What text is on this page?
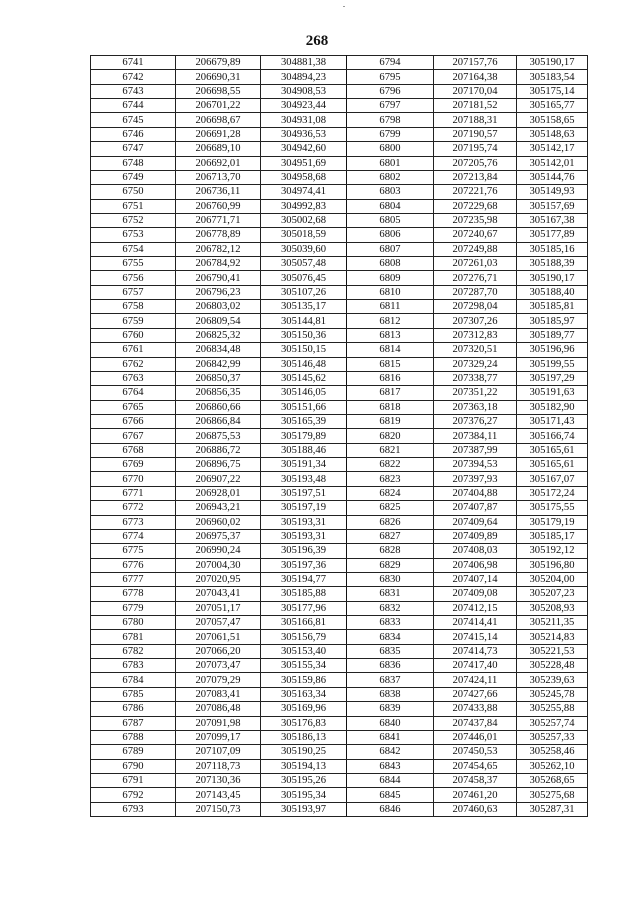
268
6741	206679,89	304881,38	6794	207157,76	305190,17
6742	206690,31	304894,23	6795	207164,38	305183,54
6743	206698,55	304908,53	6796	207170,04	305175,14
6744	206701,22	304923,44	6797	207181,52	305165,77
6745	206698,67	304931,08	6798	207188,31	305158,65
6746	206691,28	304936,53	6799	207190,57	305148,63
6747	206689,10	304942,60	6800	207195,74	305142,17
6748	206692,01	304951,69	6801	207205,76	305142,01
6749	206713,70	304958,68	6802	207213,84	305144,76
6750	206736,11	304974,41	6803	207221,76	305149,93
6751	206760,99	304992,83	6804	207229,68	305157,69
6752	206771,71	305002,68	6805	207235,98	305167,38
6753	206778,89	305018,59	6806	207240,67	305177,89
6754	206782,12	305039,60	6807	207249,88	305185,16
6755	206784,92	305057,48	6808	207261,03	305188,39
6756	206790,41	305076,45	6809	207276,71	305190,17
6757	206796,23	305107,26	6810	207287,70	305188,40
6758	206803,02	305135,17	6811	207298,04	305185,81
6759	206809,54	305144,81	6812	207307,26	305185,97
6760	206825,32	305150,36	6813	207312,83	305189,77
6761	206834,48	305150,15	6814	207320,51	305196,96
6762	206842,99	305146,48	6815	207329,24	305199,55
6763	206850,37	305145,62	6816	207338,77	305197,29
6764	206856,35	305146,05	6817	207351,22	305191,63
6765	206860,66	305151,66	6818	207363,18	305182,90
6766	206866,84	305165,39	6819	207376,27	305171,43
6767	206875,53	305179,89	6820	207384,11	305166,74
6768	206886,72	305188,46	6821	207387,99	305165,61
6769	206896,75	305191,34	6822	207394,53	305165,61
6770	206907,22	305193,48	6823	207397,93	305167,07
6771	206928,01	305197,51	6824	207404,88	305172,24
6772	206943,21	305197,19	6825	207407,87	305175,55
6773	206960,02	305193,31	6826	207409,64	305179,19
6774	206975,37	305193,31	6827	207409,89	305185,17
6775	206990,24	305196,39	6828	207408,03	305192,12
6776	207004,30	305197,36	6829	207406,98	305196,80
6777	207020,95	305194,77	6830	207407,14	305204,00
6778	207043,41	305185,88	6831	207409,08	305207,23
6779	207051,17	305177,96	6832	207412,15	305208,93
6780	207057,47	305166,81	6833	207414,41	305211,35
6781	207061,51	305156,79	6834	207415,14	305214,83
6782	207066,20	305153,40	6835	207414,73	305221,53
6783	207073,47	305155,34	6836	207417,40	305228,48
6784	207079,29	305159,86	6837	207424,11	305239,63
6785	207083,41	305163,34	6838	207427,66	305245,78
6786	207086,48	305169,96	6839	207433,88	305255,88
6787	207091,98	305176,83	6840	207437,84	305257,74
6788	207099,17	305186,13	6841	207446,01	305257,33
6789	207107,09	305190,25	6842	207450,53	305258,46
6790	207118,73	305194,13	6843	207454,65	305262,10
6791	207130,36	305195,26	6844	207458,37	305268,65
6792	207143,45	305195,34	6845	207461,20	305275,68
6793	207150,73	305193,97	6846	207460,63	305287,31
